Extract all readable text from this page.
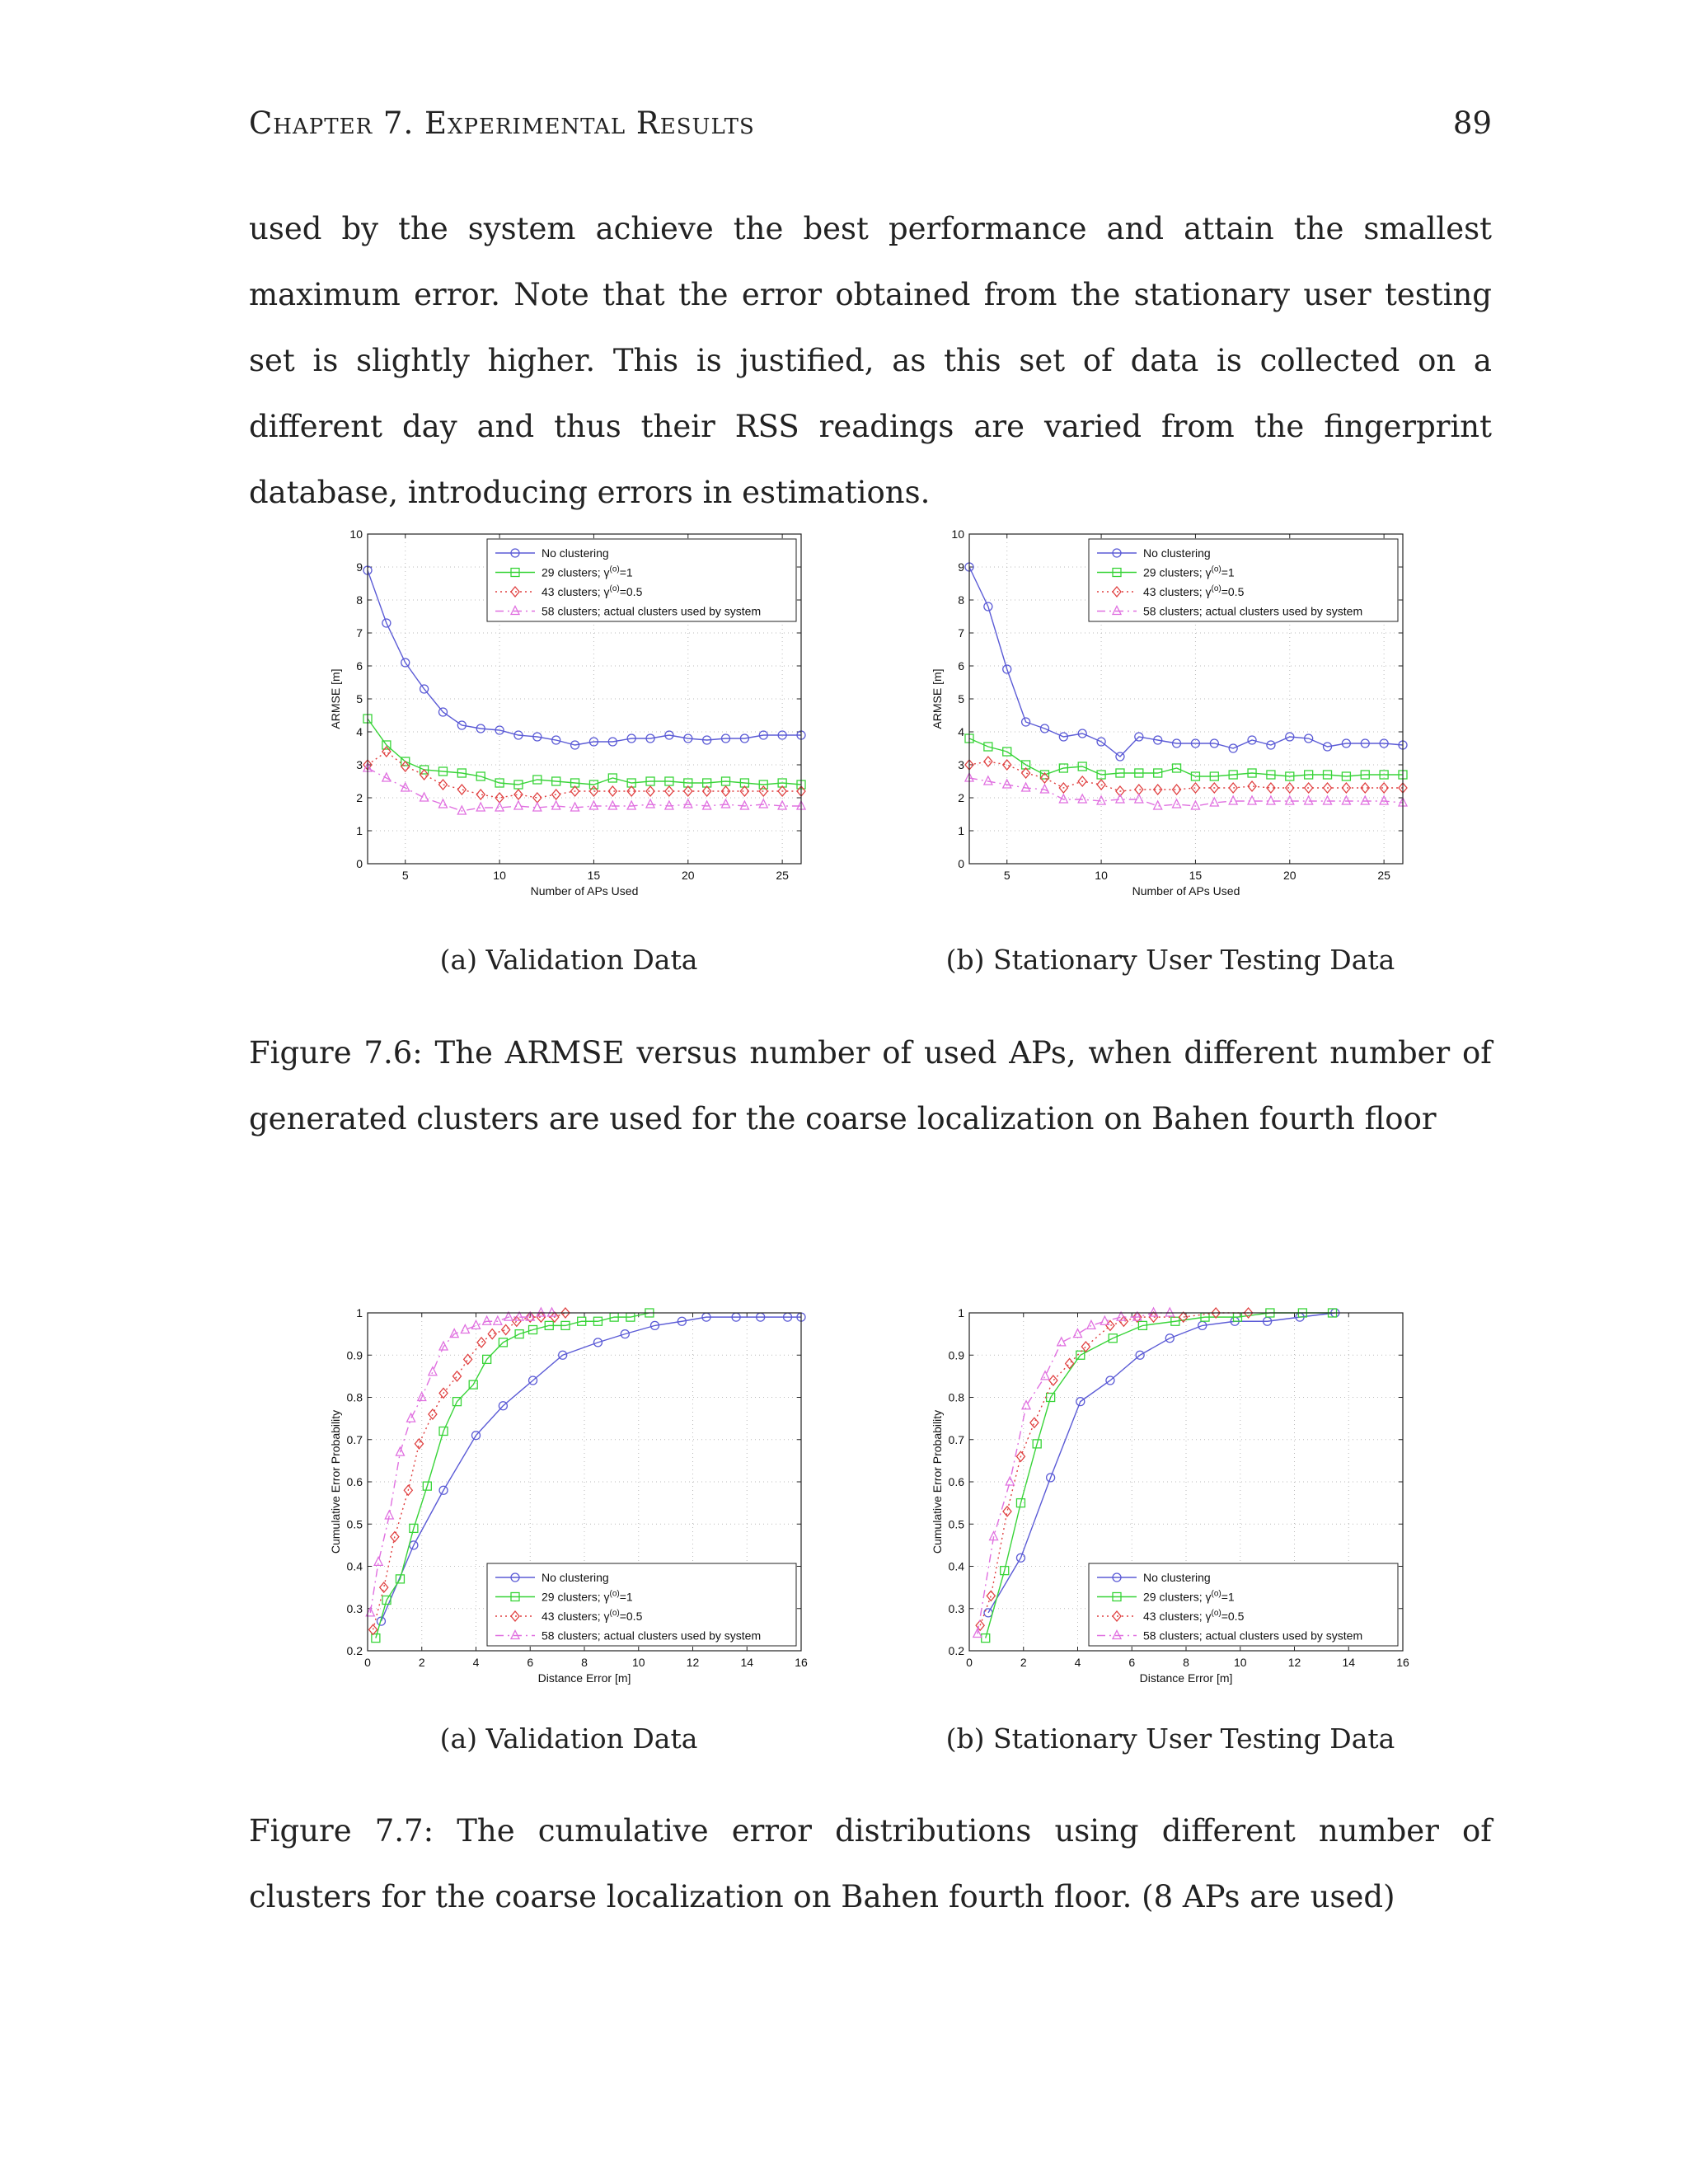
Chapter 7. Experimental Results	89

used by the system achieve the best performance and attain the smallest maximum error. Note that the error obtained from the stationary user testing set is slightly higher. This is justified, as this set of data is collected on a different day and thus their RSS readings are varied from the fingerprint database, introducing errors in estimations.

5	10	15	20	25
0
1
2
3
4
5
6
7
8
9
10
Number of APs Used
ARMSE [m]
No clustering
29 clusters; $\gamma^{(o)}=1$
43 clusters; $\gamma^{(o)}=0.5$
58 clusters; actual clusters used by system
5	10	15	20	25
0
1
2
3
4
5
6
7
8
9
10
Number of APs Used
ARMSE [m]
No clustering
29 clusters; $\gamma^{(o)}=1$
43 clusters; $\gamma^{(o)}=0.5$
58 clusters; actual clusters used by system
(a) Validation Data	(b) Stationary User Testing Data

Figure 7.6: The ARMSE versus number of used APs, when different number of generated clusters are used for the coarse localization on Bahen fourth floor

0	2	4	6	8	10	12	14	16
0.2
0.3
0.4
0.5
0.6
0.7
0.8
0.9
1
Distance Error [m]
Cumulative Error Probability
No clustering
29 clusters; $\gamma^{(o)}=1$
43 clusters; $\gamma^{(o)}=0.5$
58 clusters; actual clusters used by system
0	2	4	6	8	10	12	14	16
0.2
0.3
0.4
0.5
0.6
0.7
0.8
0.9
1
Distance Error [m]
Cumulative Error Probability
No clustering
29 clusters; $\gamma^{(o)}=1$
43 clusters; $\gamma^{(o)}=0.5$
58 clusters; actual clusters used by system
(a) Validation Data	(b) Stationary User Testing Data

Figure 7.7: The cumulative error distributions using different number of clusters for the coarse localization on Bahen fourth floor. (8 APs are used)
